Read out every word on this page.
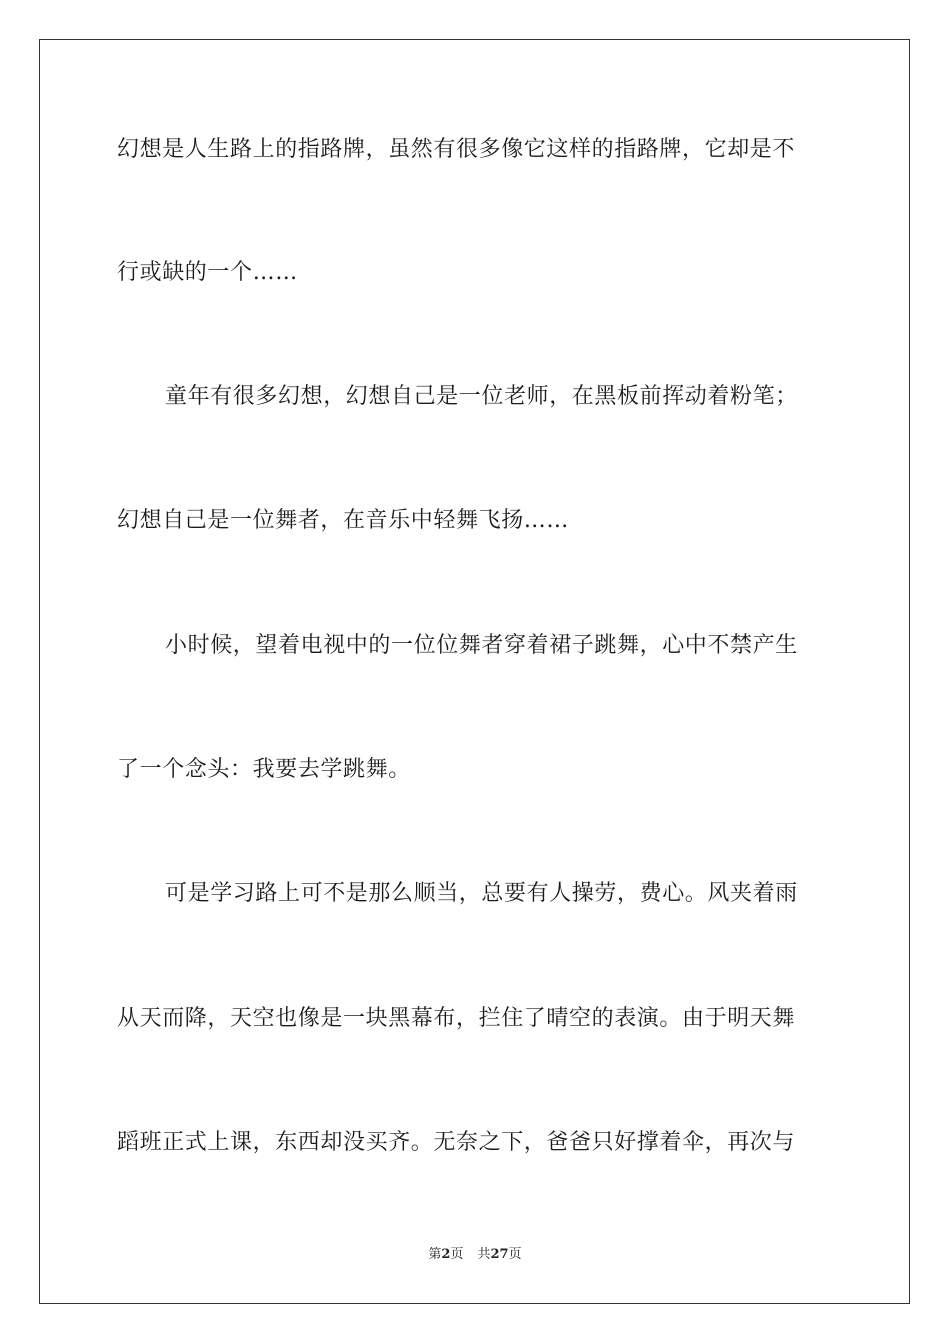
幻想是人生路上的指路牌，虽然有很多像它这样的指路牌，它却是不
行或缺的一个……
童年有很多幻想，幻想自己是一位老师，在黑板前挥动着粉笔；
幻想自己是一位舞者，在音乐中轻舞飞扬……
小时候，望着电视中的一位位舞者穿着裙子跳舞，心中不禁产生
了一个念头：我要去学跳舞。
可是学习路上可不是那么顺当，总要有人操劳，费心。风夹着雨
从天而降，天空也像是一块黑幕布，拦住了晴空的表演。由于明天舞
蹈班正式上课，东西却没买齐。无奈之下，爸爸只好撑着伞，再次与
第2页 共27页
